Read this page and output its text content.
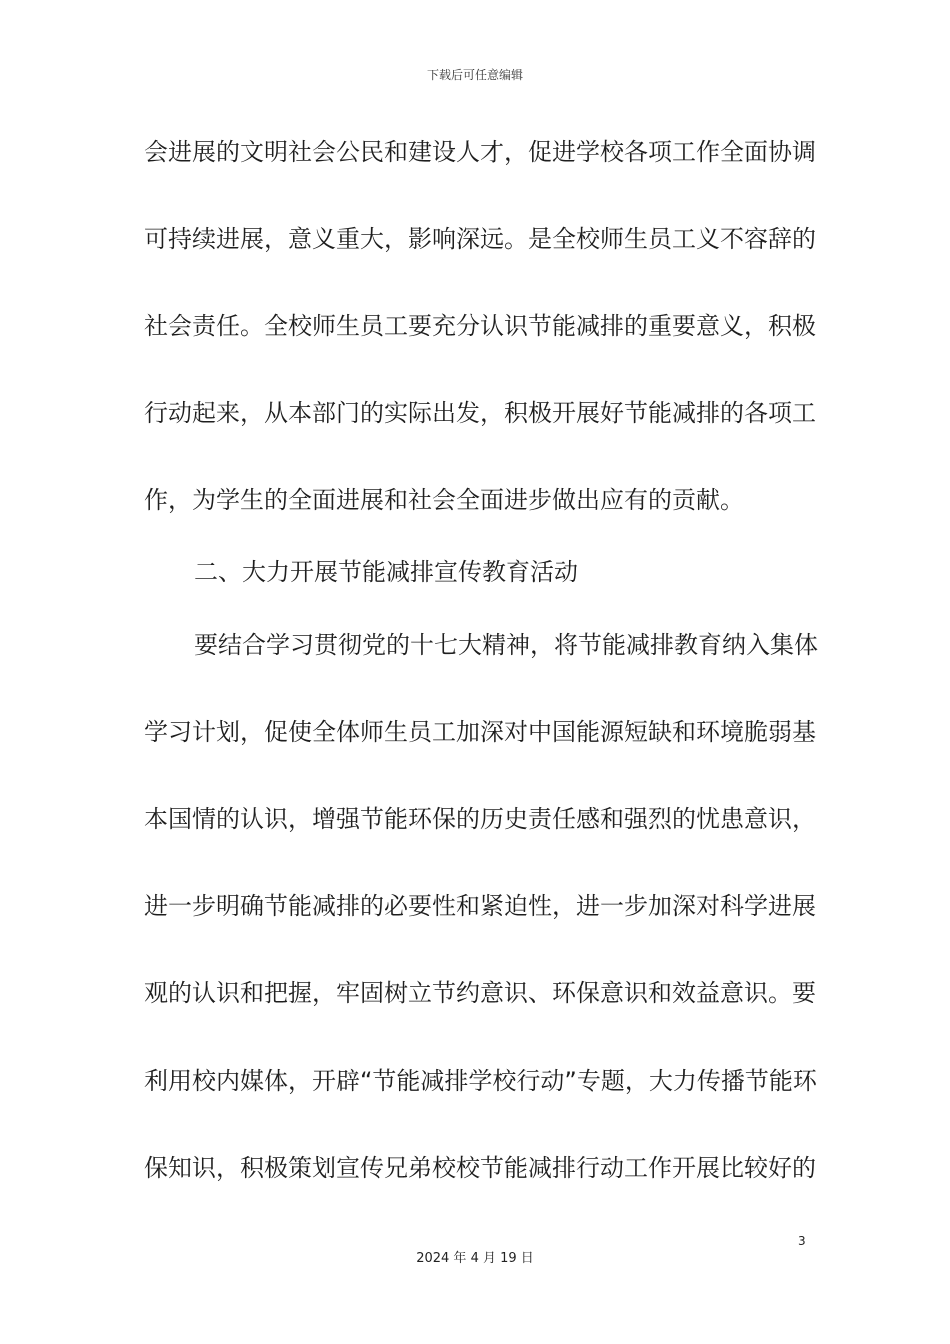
下载后可任意编辑
会进展的文明社会公民和建设人才，促进学校各项工作全面协调
可持续进展，意义重大，影响深远。是全校师生员工义不容辞的
社会责任。全校师生员工要充分认识节能减排的重要意义，积极
行动起来，从本部门的实际出发，积极开展好节能减排的各项工
作，为学生的全面进展和社会全面进步做出应有的贡献。
二、大力开展节能减排宣传教育活动
要结合学习贯彻党的十七大精神，将节能减排教育纳入集体
学习计划，促使全体师生员工加深对中国能源短缺和环境脆弱基
本国情的认识，增强节能环保的历史责任感和强烈的忧患意识，
进一步明确节能减排的必要性和紧迫性，进一步加深对科学进展
观的认识和把握，牢固树立节约意识、环保意识和效益意识。要
利用校内媒体，开辟“节能减排学校行动”专题，大力传播节能环
保知识，积极策划宣传兄弟校校节能减排行动工作开展比较好的
3
2024 年 4 月 19 日
